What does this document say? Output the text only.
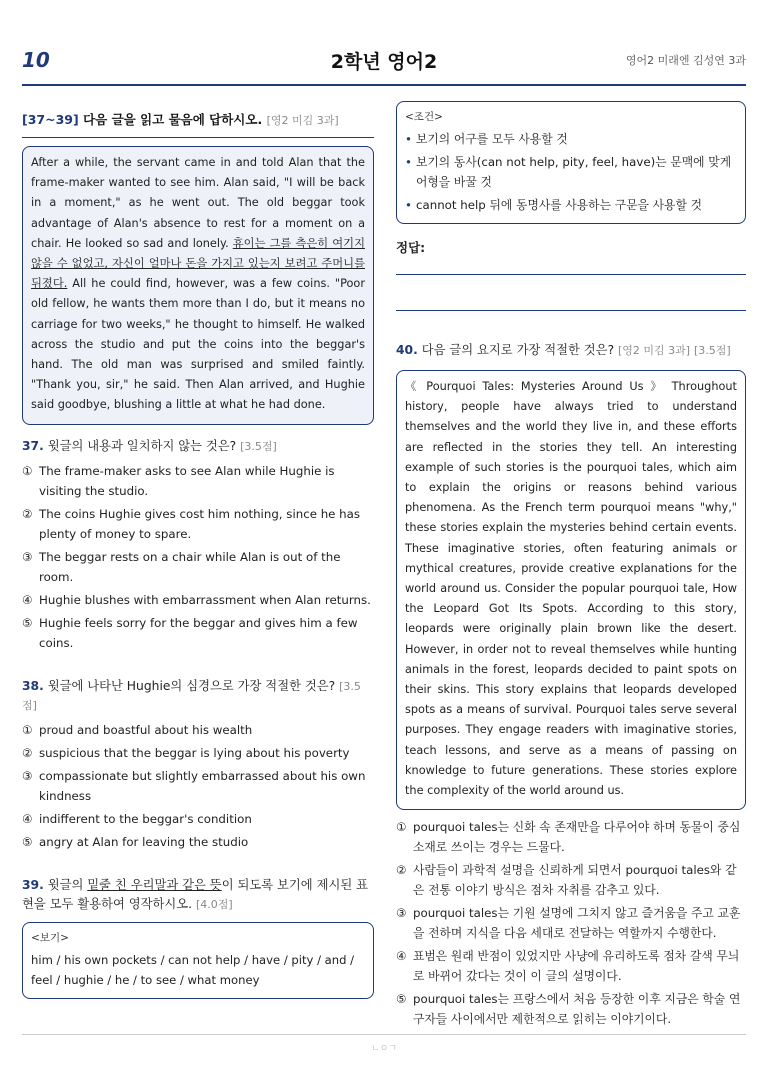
10	2학년 영어2	영어2 미래엔 김성연 3과
[37~39] 다음 글을 읽고 물음에 답하시오. [영2 미김 3과]
After a while, the servant came in and told Alan that the frame-maker wanted to see him. Alan said, "I will be back in a moment," as he went out. The old beggar took advantage of Alan's absence to rest for a moment on a chair. He looked so sad and lonely. 휴이는 그를 측은히 여기지 않을 수 없었고, 자신이 얼마나 돈을 가지고 있는지 보려고 주머니를 뒤졌다. All he could find, however, was a few coins. "Poor old fellow, he wants them more than I do, but it means no carriage for two weeks," he thought to himself. He walked across the studio and put the coins into the beggar's hand. The old man was surprised and smiled faintly. "Thank you, sir," he said. Then Alan arrived, and Hughie said goodbye, blushing a little at what he had done.
37. 윗글의 내용과 일치하지 않는 것은? [3.5점]
① The frame-maker asks to see Alan while Hughie is visiting the studio.
② The coins Hughie gives cost him nothing, since he has plenty of money to spare.
③ The beggar rests on a chair while Alan is out of the room.
④ Hughie blushes with embarrassment when Alan returns.
⑤ Hughie feels sorry for the beggar and gives him a few coins.
38. 윗글에 나타난 Hughie의 심경으로 가장 적절한 것은? [3.5점]
① proud and boastful about his wealth
② suspicious that the beggar is lying about his poverty
③ compassionate but slightly embarrassed about his own kindness
④ indifferent to the beggar's condition
⑤ angry at Alan for leaving the studio
39. 윗글의 밑줄 친 우리말과 같은 뜻이 되도록 보기에 제시된 표현을 모두 활용하여 영작하시오. [4.0점]
<보기>
him / his own pockets / can not help / have / pity / and / feel / hughie / he / to see / what money
<조건>
• 보기의 어구를 모두 사용할 것
• 보기의 동사(can not help, pity, feel, have)는 문맥에 맞게 어형을 바꿀 것
• cannot help 뒤에 동명사를 사용하는 구문을 사용할 것
정답:
40. 다음 글의 요지로 가장 적절한 것은? [영2 미김 3과] [3.5점]
《 Pourquoi Tales: Mysteries Around Us 》 Throughout history, people have always tried to understand themselves and the world they live in, and these efforts are reflected in the stories they tell. An interesting example of such stories is the pourquoi tales, which aim to explain the origins or reasons behind various phenomena. As the French term pourquoi means "why," these stories explain the mysteries behind certain events. These imaginative stories, often featuring animals or mythical creatures, provide creative explanations for the world around us. Consider the popular pourquoi tale, How the Leopard Got Its Spots. According to this story, leopards were originally plain brown like the desert. However, in order not to reveal themselves while hunting animals in the forest, leopards decided to paint spots on their skins. This story explains that leopards developed spots as a means of survival. Pourquoi tales serve several purposes. They engage readers with imaginative stories, teach lessons, and serve as a means of passing on knowledge to future generations. These stories explore the complexity of the world around us.
① pourquoi tales는 신화 속 존재만을 다루어야 하며 동물이 중심 소재로 쓰이는 경우는 드물다.
② 사람들이 과학적 설명을 신뢰하게 되면서 pourquoi tales와 같은 전통 이야기 방식은 점차 자취를 감추고 있다.
③ pourquoi tales는 기원 설명에 그치지 않고 즐거움을 주고 교훈을 전하며 지식을 다음 세대로 전달하는 역할까지 수행한다.
④ 표범은 원래 반점이 있었지만 사냥에 유리하도록 점차 갈색 무늬로 바뀌어 갔다는 것이 이 글의 설명이다.
⑤ pourquoi tales는 프랑스에서 처음 등장한 이후 지금은 학술 연구자들 사이에서만 제한적으로 읽히는 이야기이다.
ㄴㅇㄱ
